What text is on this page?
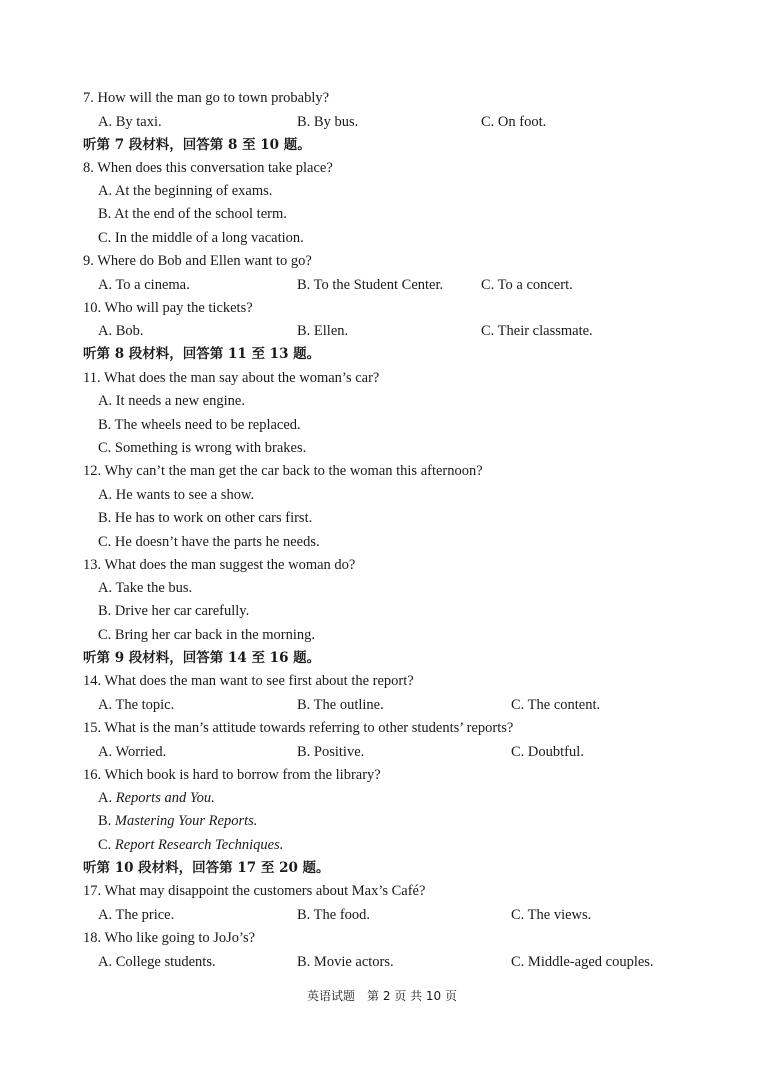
7. How will the man go to town probably?
A. By taxi.	B. By bus.	C. On foot.
听第 7 段材料，回答第 8 至 10 题。
8. When does this conversation take place?
A. At the beginning of exams.
B. At the end of the school term.
C. In the middle of a long vacation.
9. Where do Bob and Ellen want to go?
A. To a cinema.	B. To the Student Center.	C. To a concert.
10. Who will pay the tickets?
A. Bob.	B. Ellen.	C. Their classmate.
听第 8 段材料，回答第 11 至 13 题。
11. What does the man say about the woman’s car?
A. It needs a new engine.
B. The wheels need to be replaced.
C. Something is wrong with brakes.
12. Why can’t the man get the car back to the woman this afternoon?
A. He wants to see a show.
B. He has to work on other cars first.
C. He doesn’t have the parts he needs.
13. What does the man suggest the woman do?
A. Take the bus.
B. Drive her car carefully.
C. Bring her car back in the morning.
听第 9 段材料，回答第 14 至 16 题。
14. What does the man want to see first about the report?
A. The topic.	B. The outline.	C. The content.
15. What is the man’s attitude towards referring to other students’ reports?
A. Worried.	B. Positive.	C. Doubtful.
16. Which book is hard to borrow from the library?
A. Reports and You.
B. Mastering Your Reports.
C. Report Research Techniques.
听第 10 段材料，回答第 17 至 20 题。
17. What may disappoint the customers about Max’s Café?
A. The price.	B. The food.	C. The views.
18. Who like going to JoJo’s?
A. College students.	B. Movie actors.	C. Middle-aged couples.
英语试题　第 2 页 共 10 页
